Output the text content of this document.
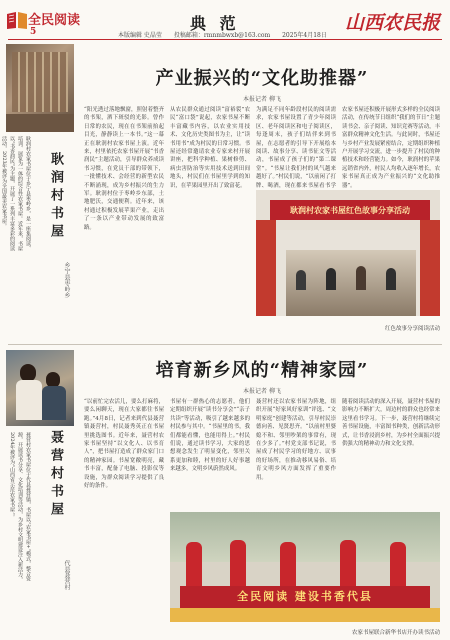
全民阅读
5	典 范	山西农民报
本版编辑 史晶莹 投稿邮箱：rmnmbwxb@163.com 2025年4月18日
耿润村农家书屋位于乡宁县枣岭乡，是一座集阅读、培训、展览为一体的综合性农家书屋。近年来，书屋以“书香润民”为主题，开展了一系列丰富多彩的阅读活动，2023年被评为全国最美农家书屋。	耿润村书屋
乡宁县枣岭乡
产业振兴的“文化助推器”
本报记者 柳飞
“阳光透过落地飘窗，照射着整齐的书架，洒下斑驳的光影。曾作日常的农民，现在在书架前抬起目光，静静读上一本书。”这一幕正在耿润村农家书屋上演。近年来，村里依托农家书屋开展“书香润民”主题活动，引导群众养成读书习惯，在党员干部的带领下，一批懂技术、会经营的新型农民不断涌现，成为乡村振兴的生力军。耿润村位于枣岭乡东部，土地肥沃，交通便利。近年来，该村通过积极发展苹果产业，走出了一条以产业带动发展的致富路。
从农民群众通过阅读“富裕裂”农民“富口袋”说起，农家书屋不断丰富藏书内容，以农业实用技术、文化历史类图书为主，让“读书用书”成为村民的日常习惯。书屋还经常邀请农业专家来村开展讲座，把科学种植、果树修剪、病虫害防治等实用技术送到田间地头，村民们在书屋里学到的知识，在苹果园里开出了致富花。
为满足不同年龄段村民的阅读需求，农家书屋设置了青少年阅读区、老年阅读区和电子阅读区，每逢周末，孩子们结伴来到书屋，在志愿者的引导下开展绘本阅读、故事分享、读书征文等活动，书屋成了孩子们的“第二课堂”。“书屋让我们村的风气越来越好了。”村民们说，“以前闲了打牌、喝酒，现在都来书屋看书学
农家书屋还积极开展形式多样的全民阅读活动，在传统节日组织“我们的节日”主题读书会、亲子阅读、知识竞赛等活动，丰富群众精神文化生活。与此同时，书屋还与乡村产业发展紧密结合，定期组织种植户开展学习交流，进一步提升了村民的种植技术和经营能力。如今，耿润村的苹果远销省内外，村民人均收入逐年增长，农家书屋真正成为产业振兴的“文化助推器”。
耿润村农家书屋红色故事分享活动
红色故事分享阅读活动
聂营村农家书屋位于代县聂营镇，书屋以“农家书屋+”模式，整合资源，开展读书分享、文化培训等活动，为乡村文明建设注入新活力，2024年被评为“山西省示范农家书屋”。	聂营村书屋
代县聂营村
培育新乡风的“精神家园”
本报记者 柳飞
“以前忙完农活儿，要么打麻将，要么闲聊天，现在大家都往书屋跑。”4月8日，记者来到代县聂营镇聂营村，村民聂秀英正在书屋里挑选图书。近年来，聂营村农家书屋坚持“以文化人、以书育人”，把书屋打造成了群众家门口的精神家园。书屋宽敞明亮，藏书丰富，配备了电脑、投影仪等设施，为群众阅读学习提供了良好的条件。
书屋有一群热心的志愿者，他们定期组织开展“读书分享会”“亲子共读”等活动，吸引了越来越多的村民参与其中。“书屋里的书，我们都能看懂，也能用得上。”村民们说，通过读书学习，大家的思想观念发生了明显变化，邻里关系更加和睦，村里的好人好事越来越多，文明乡风蔚然成风。
聂营村还以农家书屋为阵地，组织开展“好家风好家训”评选、“文明家庭”创建等活动，引导村民崇德向善、见贤思齐。“以前村里婆媳不和、邻里吵架的事常有，现在少多了。”村党支部书记说，书屋成了村民学习的好地方、议事的好场所，在推动移风易俗、培育文明乡风方面发挥了重要作用。
随着阅读活动的深入开展，聂营村书屋的影响力不断扩大，周边村的群众也经常来这里看书学习。下一步，聂营村将继续完善书屋设施，丰富图书种类，创新活动形式，让书香浸润乡村，为乡村全面振兴提供强大的精神动力和文化支撑。
全民阅读 建设书香代县
农家书屋联合新华书店开办读书活动
